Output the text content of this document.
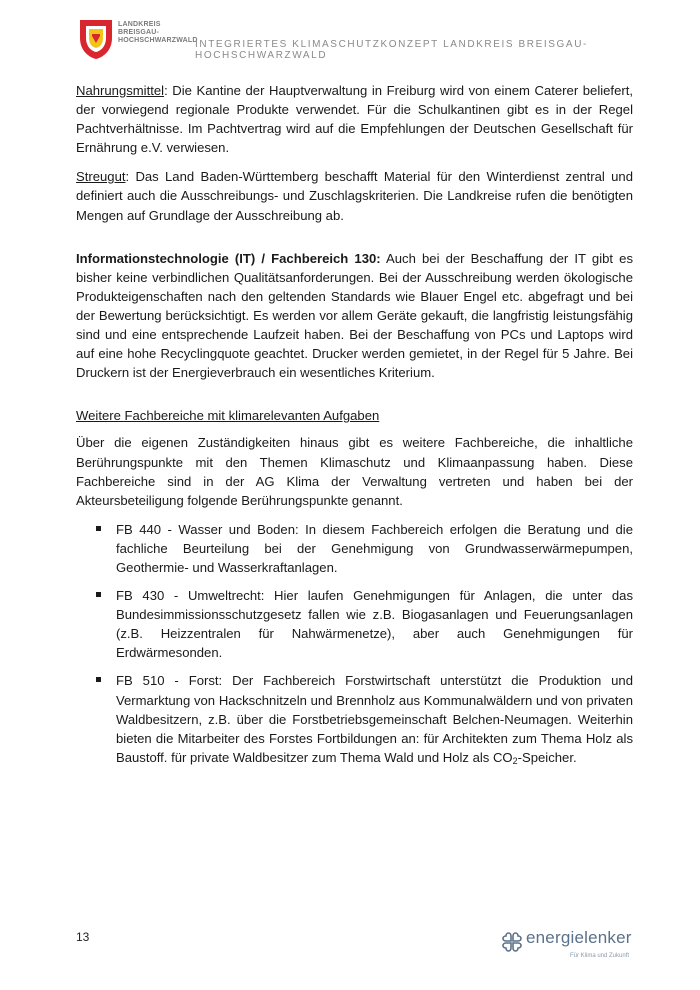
LANDKREIS
BREISGAU-
HOCHSCHWARZWALD
INTEGRIERTES KLIMASCHUTZKONZEPT LANDKREIS BREISGAU-HOCHSCHWARZWALD

Nahrungsmittel: Die Kantine der Hauptverwaltung in Freiburg wird von einem Caterer beliefert, der vorwiegend regionale Produkte verwendet. Für die Schulkantinen gibt es in der Regel Pachtverhältnisse. Im Pachtvertrag wird auf die Empfehlungen der Deutschen Gesellschaft für Ernährung e.V. verwiesen.

Streugut: Das Land Baden-Württemberg beschafft Material für den Winterdienst zentral und definiert auch die Ausschreibungs- und Zuschlagskriterien. Die Landkreise rufen die benötigten Mengen auf Grundlage der Ausschreibung ab.

Informationstechnologie (IT) / Fachbereich 130: Auch bei der Beschaffung der IT gibt es bisher keine verbindlichen Qualitätsanforderungen. Bei der Ausschreibung werden ökologische Produkteigenschaften nach den geltenden Standards wie Blauer Engel etc. abgefragt und bei der Bewertung berücksichtigt. Es werden vor allem Geräte gekauft, die langfristig leistungsfähig sind und eine entsprechende Laufzeit haben. Bei der Beschaffung von PCs und Laptops wird auf eine hohe Recyclingquote geachtet. Drucker werden gemietet, in der Regel für 5 Jahre. Bei Druckern ist der Energieverbrauch ein wesentliches Kriterium.

Weitere Fachbereiche mit klimarelevanten Aufgaben

Über die eigenen Zuständigkeiten hinaus gibt es weitere Fachbereiche, die inhaltliche Berührungspunkte mit den Themen Klimaschutz und Klimaanpassung haben. Diese Fachbereiche sind in der AG Klima der Verwaltung vertreten und haben bei der Akteursbeteiligung folgende Berührungspunkte genannt.

FB 440 - Wasser und Boden: In diesem Fachbereich erfolgen die Beratung und die fachliche Beurteilung bei der Genehmigung von Grundwasserwärmepumpen, Geothermie- und Wasserkraftanlagen.
FB 430 - Umweltrecht: Hier laufen Genehmigungen für Anlagen, die unter das Bundesimmissionsschutzgesetz fallen wie z.B. Biogasanlagen und Feuerungsanlagen (z.B. Heizzentralen für Nahwärmenetze), aber auch Genehmigungen für Erdwärmesonden.
FB 510 - Forst: Der Fachbereich Forstwirtschaft unterstützt die Produktion und Vermarktung von Hackschnitzeln und Brennholz aus Kommunalwäldern und von privaten Waldbesitzern, z.B. über die Forstbetriebsgemeinschaft Belchen-Neumagen. Weiterhin bieten die Mitarbeiter des Forstes Fortbildungen an: für Architekten zum Thema Holz als Baustoff. für private Waldbesitzer zum Thema Wald und Holz als $CO_2$-Speicher.
13	energielenker
Für Klima und Zukunft
